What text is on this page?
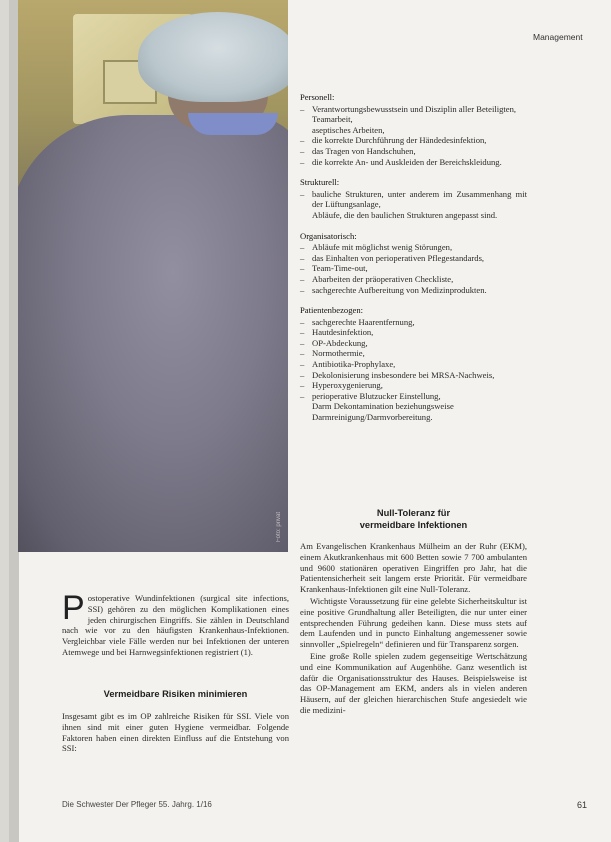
Foto: privat
Management
Personell:
– Verantwortungsbewusstsein und Disziplin aller Beteiligten,
Teamarbeit,
aseptisches Arbeiten,
– die korrekte Durchführung der Händedesinfektion,
– das Tragen von Handschuhen,
– die korrekte An- und Auskleiden der Bereichskleidung.
Strukturell:
– bauliche Strukturen, unter anderem im Zusammenhang mit der Lüftungsanlage,
Abläufe, die den baulichen Strukturen angepasst sind.
Organisatorisch:
– Abläufe mit möglichst wenig Störungen,
– das Einhalten von perioperativen Pflegestandards,
– Team-Time-out,
– Abarbeiten der präoperativen Checkliste,
– sachgerechte Aufbereitung von Medizinprodukten.
Patientenbezogen:
– sachgerechte Haarentfernung,
– Hautdesinfektion,
– OP-Abdeckung,
– Normothermie,
– Antibiotika-Prophylaxe,
– Dekolonisierung insbesondere bei MRSA-Nachweis,
– Hyperoxygenierung,
– perioperative Blutzucker Einstellung,
Darm Dekontamination beziehungsweise Darmreinigung/Darmvorbereitung.
Null-Toleranz für
vermeidbare Infektionen

Am Evangelischen Krankenhaus Mülheim an der Ruhr (EKM), einem Akutkrankenhaus mit 600 Betten sowie 7 700 ambulanten und 9600 stationären operativen Eingriffen pro Jahr, hat die Patientensicherheit seit langem erste Priorität. Für vermeidbare Krankenhaus-Infektionen gilt eine Null-Toleranz.

Wichtigste Voraussetzung für eine gelebte Sicherheitskultur ist eine positive Grundhaltung aller Beteiligten, die nur unter einer entsprechenden Führung gedeihen kann. Diese muss stets auf dem Laufenden und in puncto Einhaltung angemessener sowie sinnvoller „Spielregeln“ definieren und für Transparenz sorgen.

Eine große Rolle spielen zudem gegenseitige Wertschätzung und eine Kommunikation auf Augenhöhe. Ganz wesentlich ist dafür die Organisationsstruktur des Hauses. Beispielsweise ist das OP-Management am EKM, anders als in vielen anderen Häusern, auf der gleichen hierarchischen Stufe angesiedelt wie die medizini-

Postoperative Wundinfektionen (surgical site infections, SSI) gehören zu den möglichen Komplikationen eines jeden chirurgischen Eingriffs. Sie zählen in Deutschland nach wie vor zu den häufigsten Krankenhaus-Infektionen. Vergleichbar viele Fälle werden nur bei Infektionen der unteren Atemwege und bei Harnwegsinfektionen registriert (1).

Vermeidbare Risiken minimieren

Insgesamt gibt es im OP zahlreiche Risiken für SSI. Viele von ihnen sind mit einer guten Hygiene vermeidbar. Folgende Faktoren haben einen direkten Einfluss auf die Entstehung von SSI:

Die Schwester Der Pfleger 55. Jahrg. 1/16	61
